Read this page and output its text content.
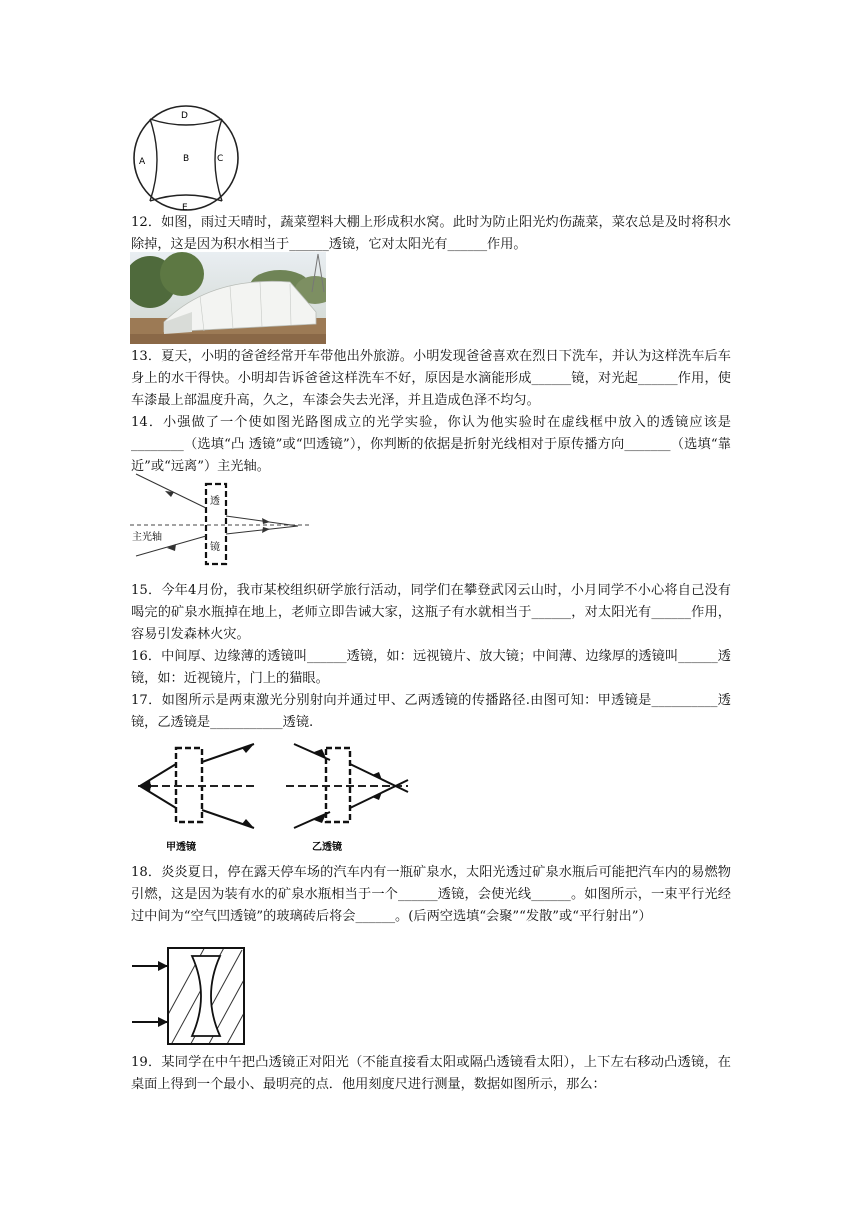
D
A	B	C
E
12．如图，雨过天晴时，蔬菜塑料大棚上形成积水窝。此时为防止阳光灼伤蔬菜，菜农总是及时将积水除掉，这是因为积水相当于______透镜，它对太阳光有______作用。
13．夏天，小明的爸爸经常开车带他出外旅游。小明发现爸爸喜欢在烈日下洗车，并认为这样洗车后车身上的水干得快。小明却告诉爸爸这样洗车不好，原因是水滴能形成______镜，对光起______作用，使车漆最上部温度升高，久之，车漆会失去光泽，并且造成色泽不均匀。
14．小强做了一个使如图光路图成立的光学实验，你认为他实验时在虚线框中放入的透镜应该是________（选填“凸 透镜”或“凹透镜”），你判断的依据是折射光线相对于原传播方向_______（选填“靠近”或“远离”）主光轴。
透
镜
主光轴
15．今年4月份，我市某校组织研学旅行活动，同学们在攀登武冈云山时，小月同学不小心将自己没有喝完的矿泉水瓶掉在地上，老师立即告诫大家，这瓶子有水就相当于______，对太阳光有______作用，容易引发森林火灾。
16．中间厚、边缘薄的透镜叫______透镜，如：远视镜片、放大镜；中间薄、边缘厚的透镜叫______透镜，如：近视镜片，门上的猫眼。
17．如图所示是两束激光分别射向并通过甲、乙两透镜的传播路径.由图可知：甲透镜是__________透镜，乙透镜是___________透镜.
甲透镜	乙透镜
18．炎炎夏日，停在露天停车场的汽车内有一瓶矿泉水，太阳光透过矿泉水瓶后可能把汽车内的易燃物引燃，这是因为装有水的矿泉水瓶相当于一个______透镜，会使光线______。如图所示，一束平行光经过中间为“空气凹透镜”的玻璃砖后将会______。(后两空选填“会聚”“发散”或“平行射出”）
19．某同学在中午把凸透镜正对阳光（不能直接看太阳或隔凸透镜看太阳），上下左右移动凸透镜，在桌面上得到一个最小、最明亮的点．他用刻度尺进行测量，数据如图所示，那么：
